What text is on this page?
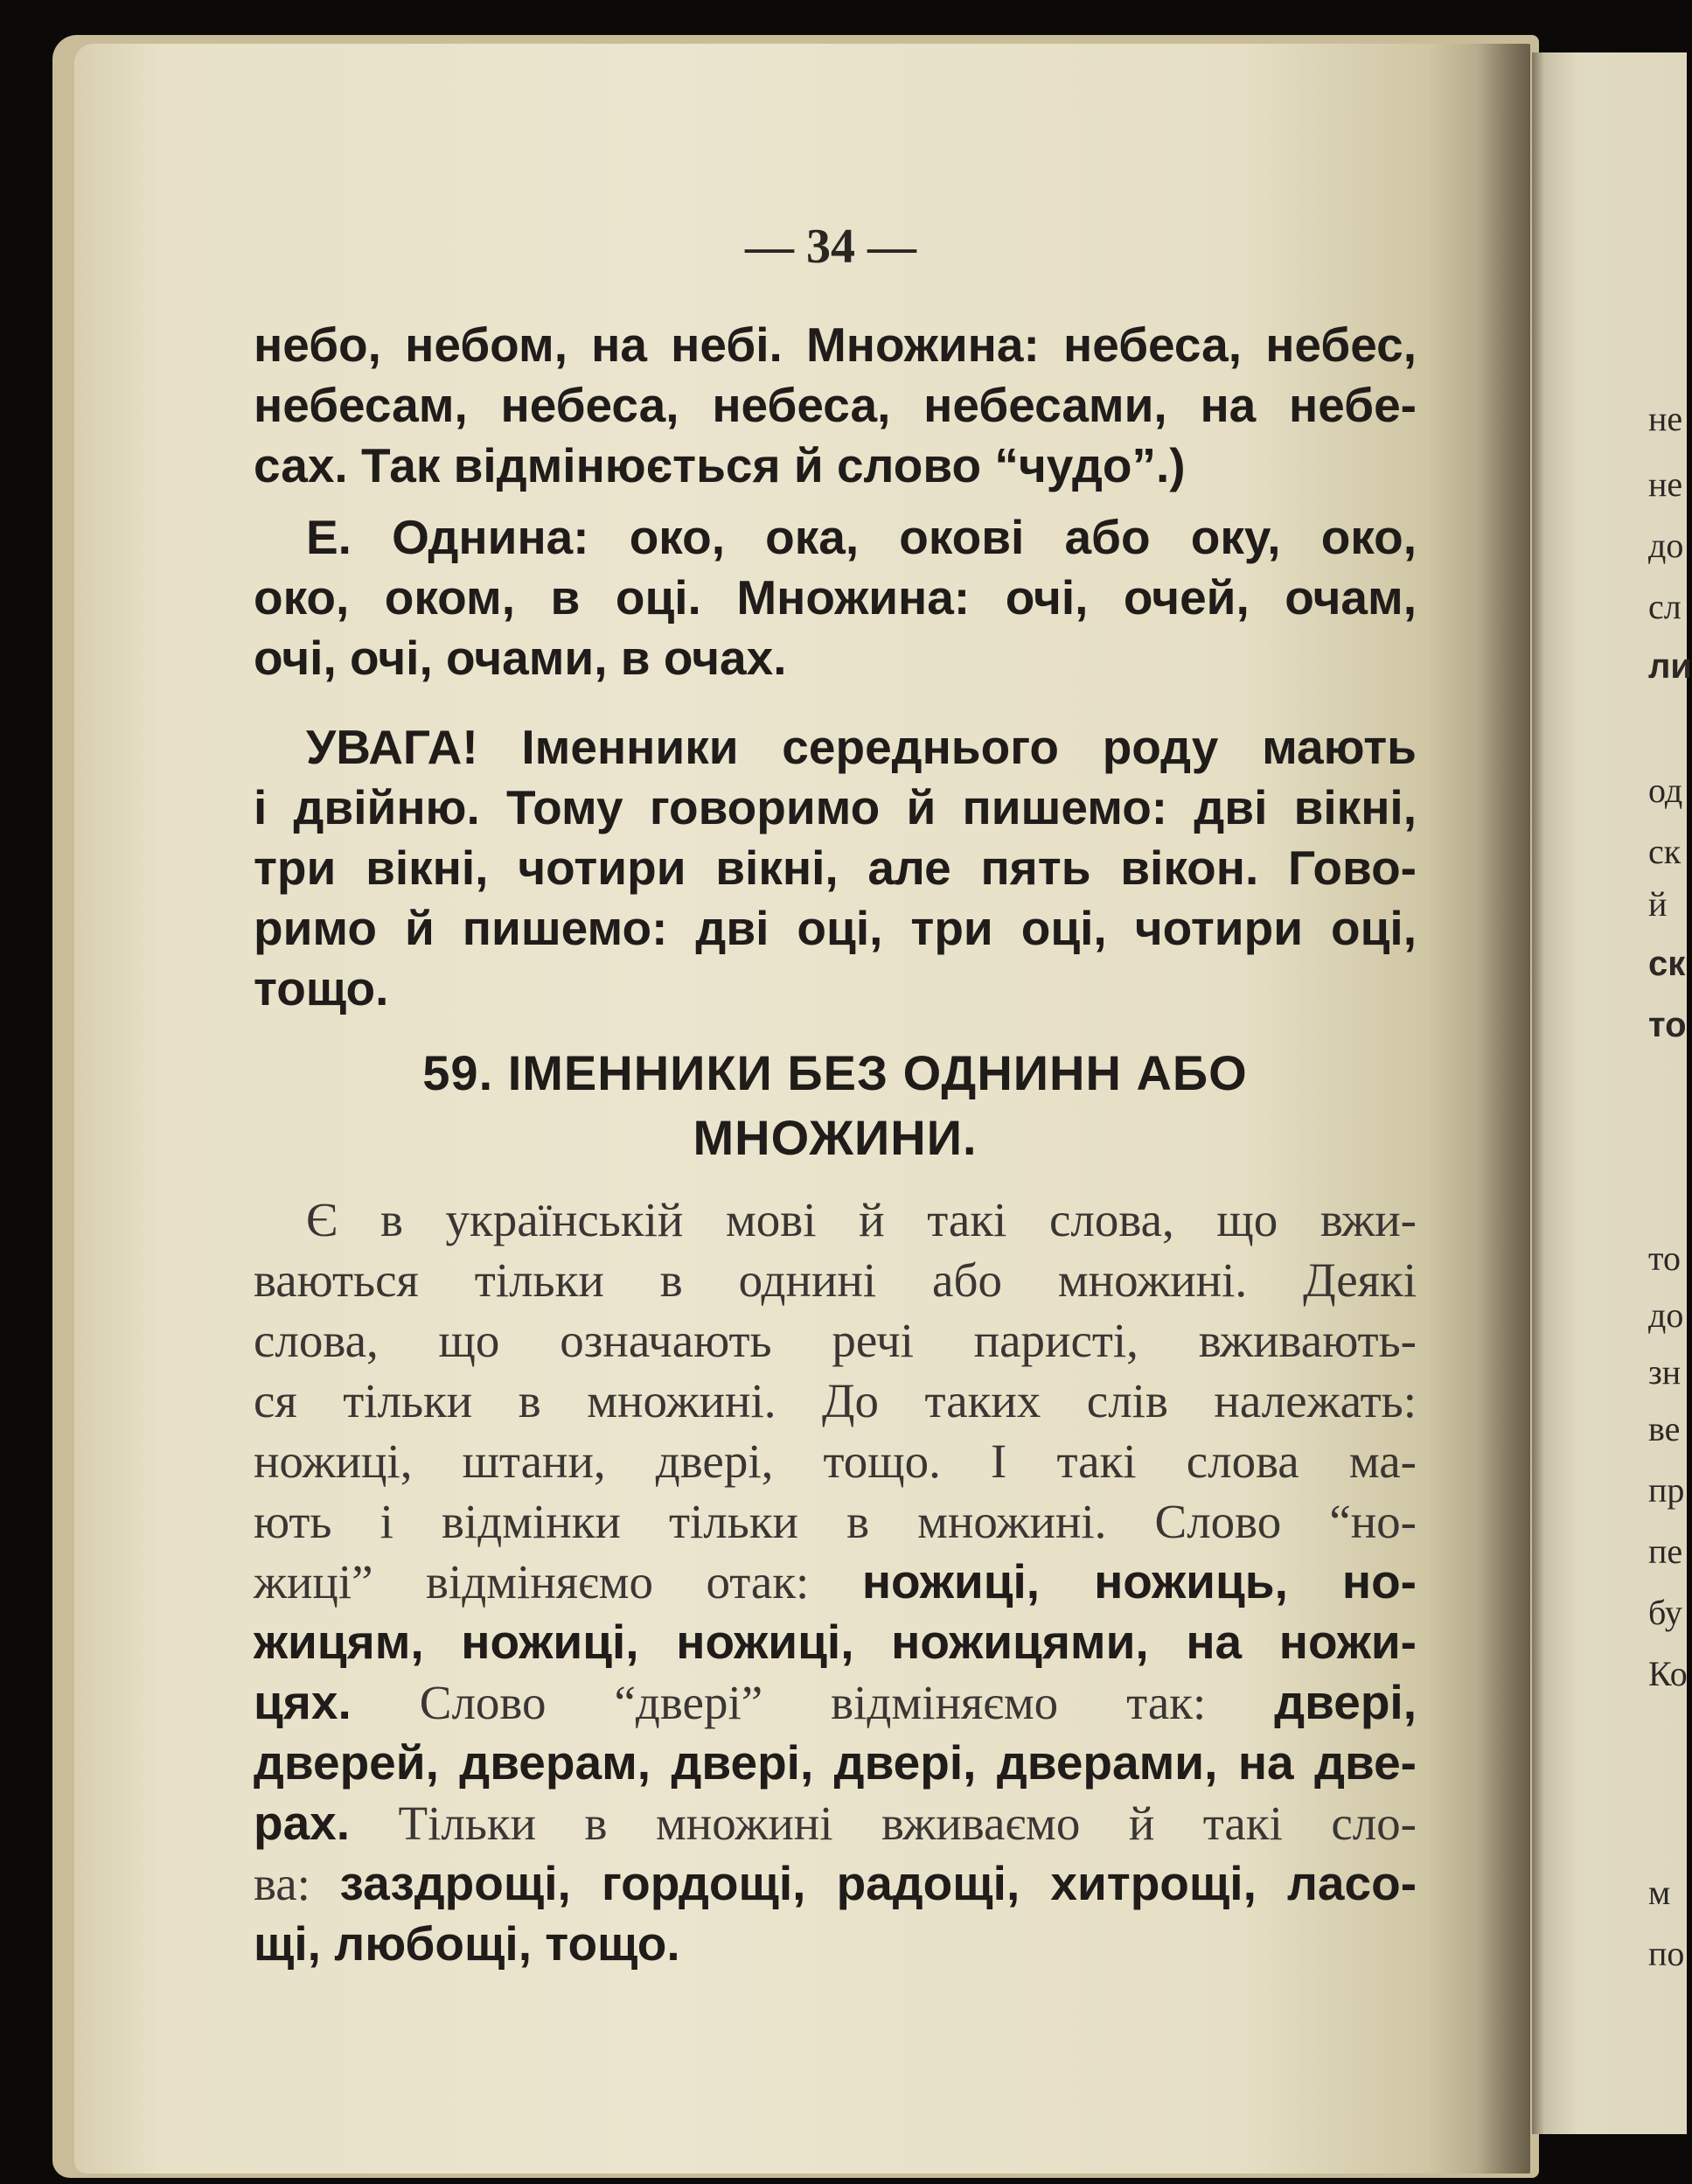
— 34 —
небо, небом, на небі. Множина: небеса, небес,
небесам, небеса, небеса, небесами, на небе-
сах. Так відмінюється й слово “чудо”.)
Е. Однина: око, ока, окові або оку, око,
око, оком, в оці. Множина: очі, очей, очам,
очі, очі, очами, в очах.
УВАГА! Іменники середнього роду мають
і двійню. Тому говоримо й пишемо: дві вікні,
три вікні, чотири вікні, але пять вікон. Гово-
римо й пишемо: дві оці, три оці, чотири оці,
тощо.
59. ІМЕННИКИ БЕЗ ОДНИНН АБО
МНОЖИНИ.
Є в українській мові й такі слова, що вжи-
ваються тільки в однині або множині. Деякі
слова, що означають речі паристі, вживають-
ся тільки в множині. До таких слів належать:
ножиці, штани, двері, тощо. І такі слова ма-
ють і відмінки тільки в множині. Слово “но-
жиці” відміняємо отак: ножиці, ножиць, но-
жицям, ножиці, ножиці, ножицями, на ножи-
цях. Слово “двері” відміняємо так: двері,
дверей, дверам, двері, двері, дверами, на две-
рах. Тільки в множині вживаємо й такі сло-
ва: заздрощі, гордощі, радощі, хитрощі, ласо-
щі, любощі, тощо.
не
не
до
сл
ли
од
ск
й
ск
то
то
до
зн
ве
пр
пе
бу
Ко
м
по
